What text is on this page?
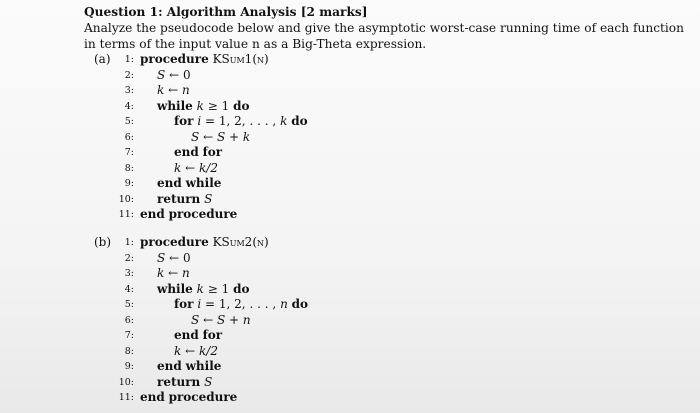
Question 1: Algorithm Analysis [2 marks]

Analyze the pseudocode below and give the asymptotic worst-case running time of each function

in terms of the input value n as a Big-Theta expression.

(a)	1: procedure KSum1(n)
2: S ← 0
3: k ← n
4: while k ≥ 1 do
5:	for i = 1, 2, . . . , k do
6:	S ← S + k
7:	end for
8:	k ← k/2
9: end while
10: return S
11: end procedure
(b)	1: procedure KSum2(n)
2: S ← 0
3: k ← n
4: while k ≥ 1 do
5:	for i = 1, 2, . . . , n do
6:	S ← S + n
7:	end for
8:	k ← k/2
9: end while
10: return S
11: end procedure
